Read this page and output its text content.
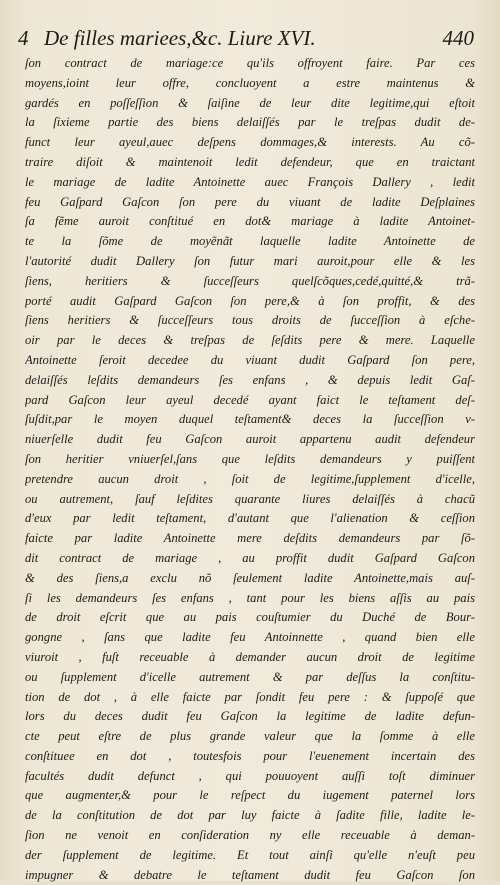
4 De filles mariees,&c. Liure XVI.	440
ſon contract de mariage:ce qu'ils offroyent faire. Par ces
moyens,ioint leur offre, concluoyent a estre maintenus &
gardés en poſſeſſion & ſaiſine de leur dite legitime,qui eſtoit
la ſixieme partie des biens delaiſſés par le treſpas dudit de-
funct leur ayeul,auec deſpens dommages,& interests. Au cõ-
traire diſoit & maintenoit ledit defendeur, que en traictant
le mariage de ladite Antoinette auec François Dallery , ledit
feu Gaſpard Gaſcon ſon pere du viuant de ladite Deſplaines
ſa fẽme auroit conſtitué en dot& mariage à ladite Antoinet-
te la ſõme de moyẽnãt laquelle ladite Antoinette de
l'autorité dudit Dallery ſon futur mari auroit,pour elle & les
ſiens, heritiers & ſucceſſeurs quelſcõques,cedé,quitté,& trã-
porté audit Gaſpard Gaſcon ſon pere,& à ſon proffit, & des
ſiens heritiers & ſucceſſeurs tous droits de ſucceſſion à eſche-
oir par le deces & treſpas de ſeſdits pere & mere. Laquelle
Antoinette ſeroit decedee du viuant dudit Gaſpard ſon pere,
delaiſſés leſdits demandeurs ſes enfans , & depuis ledit Gaſ-
pard Gaſcon leur ayeul decedé ayant faict le teſtament deſ-
ſuſdit,par le moyen duquel teſtament& deces la ſucceſſion v-
niuerſelle dudit feu Gaſcon auroit appartenu audit defendeur
ſon heritier vniuerſel,ſans que leſdits demandeurs y puiſſent
pretendre aucun droit , ſoit de legitime,ſupplement d'icelle,
ou autrement, ſauf leſdites quarante liures delaiſſés à chacũ
d'eux par ledit teſtament, d'autant que l'alienation & ceſſion
faicte par ladite Antoinette mere deſdits demandeurs par ſõ-
dit contract de mariage , au proffit dudit Gaſpard Gaſcon
& des ſiens,a exclu nõ ſeulement ladite Antoinette,mais auſ-
ſi les demandeurs ſes enfans , tant pour les biens aſſis au pais
de droit eſcrit que au pais couſtumier du Duché de Bour-
gongne , ſans que ladite feu Antoinnette , quand bien elle
viuroit , fuſt receuable à demander aucun droit de legitime
ou ſupplement d'icelle autrement & par deſſus la conſtitu-
tion de dot , à elle faicte par ſondit feu pere : & ſuppoſé que
lors du deces dudit feu Gaſcon la legitime de ladite defun-
cte peut eſtre de plus grande valeur que la ſomme à elle
conſtituee en dot , toutesfois pour l'euenement incertain des
facultés dudit defunct , qui pouuoyent auſſi toſt diminuer
que augmenter,& pour le reſpect du iugement paternel lors
de la conſtitution de dot par luy faicte à ſadite fille, ladite le-
ſion ne venoit en conſideration ny elle receuable à deman-
der ſupplement de legitime. Et tout ainſi qu'elle n'euſt peu
impugner & debatre le teſtament dudit feu Gaſcon ſon
